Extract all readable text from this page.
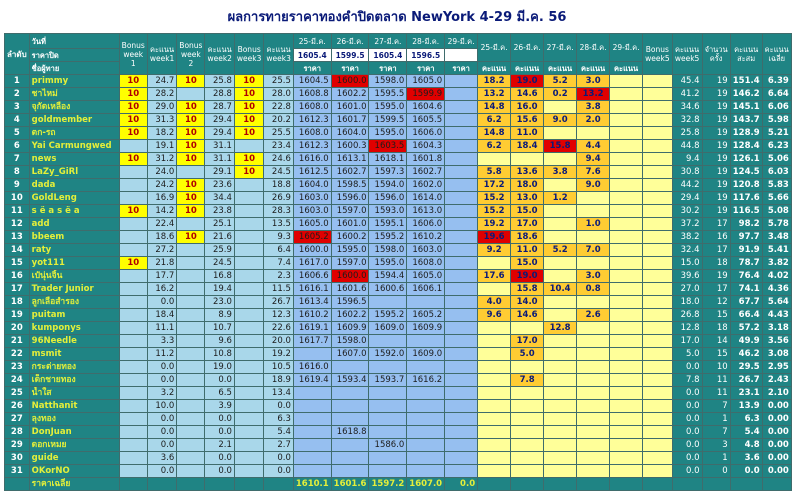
ผลการทายราคาทองคำปิดตลาด NewYork 4-29 มี.ค. 56
ลำดับ	วันที่	Bonus week 1	คะแนน week1	Bonus week 2	คะแนน week2	Bonus week3	คะแนน week3	25-มี.ค.	26-มี.ค.	27-มี.ค.	28-มี.ค.	29-มี.ค.	25-มี.ค.	26-มี.ค.	27-มี.ค.	28-มี.ค.	29-มี.ค.	Bonus week5	คะแนน week5	จำนวนครั้ง	คะแนนสะสม	คะแนนเฉลี่ย
	ราคาปิด							1605.4	1599.5	1605.4	1596.5											
	ชื่อผู้ทาย							ราคา	ราคา	ราคา	ราคา	ราคา	คะแนน	คะแนน	คะแนน	คะแนน	คะแนน					
1	primmy	10	24.7	10	25.8	10	25.5	1604.5	1600.0	1598.0	1605.0		18.2	19.0	5.2	3.0			45.4	19	151.4	6.39
2	ชาไหม่	10	28.2		28.8	10	28.0	1608.8	1602.2	1595.5	1599.9		13.2	14.6	0.2	13.2			41.2	19	146.2	6.64
3	จุกัดเหลือง	10	29.0	10	28.7	10	22.8	1608.0	1601.0	1595.0	1604.6		14.8	16.0		3.8			34.6	19	145.1	6.06
4	goldmember	10	31.3	10	29.4	10	20.2	1612.3	1601.7	1599.5	1605.5		6.2	15.6	9.0	2.0			32.8	19	143.7	5.98
5	ตก-รถ	10	18.2	10	29.4	10	25.5	1608.0	1604.0	1595.0	1606.0		14.8	11.0					25.8	19	128.9	5.21
6	Yai Carmungwed		19.1	10	31.1		23.4	1612.3	1600.3	1603.5	1604.3		6.2	18.4	15.8	4.4			44.8	19	128.4	6.23
7	news	10	31.2	10	31.1	10	24.6	1616.0	1613.1	1618.1	1601.8					9.4			9.4	19	126.1	5.06
8	LaZy_GiRl		24.0		29.1	10	24.5	1612.5	1602.7	1597.3	1602.7		5.8	13.6	3.8	7.6			30.8	19	124.5	6.03
9	dada		24.2	10	23.6		18.8	1604.0	1598.5	1594.0	1602.0		17.2	18.0		9.0			44.2	19	120.8	5.83
10	GoldLeng		16.9	10	34.4		26.9	1603.0	1596.0	1596.0	1614.0		15.2	13.0	1.2				29.4	19	117.6	5.66
11	s ë a s ë a	10	14.2	10	23.8		28.3	1603.0	1597.0	1593.0	1613.0		15.2	15.0					30.2	19	116.5	5.08
12	add		22.4		25.1		13.5	1605.0	1601.0	1595.1	1606.0		19.2	17.0		1.0			37.2	17	98.2	5.78
13	bbeem		18.6	10	21.6		9.3	1605.2	1600.2	1595.2	1610.2		19.6	18.6					38.2	16	97.7	3.48
14	raty		27.2		25.9		6.4	1600.0	1595.0	1598.0	1603.0		9.2	11.0	5.2	7.0			32.4	17	91.9	5.41
15	yot111	10	21.8		24.5		7.4	1617.0	1597.0	1595.0	1608.0			15.0					15.0	18	78.7	3.82
16	เป๋นุ่นจิ้น		17.7		16.8		2.3	1606.6	1600.0	1594.4	1605.0		17.6	19.0		3.0			39.6	19	76.4	4.02
17	Trader Junior		16.2		19.4		11.5	1616.1	1601.6	1600.6	1606.1			15.8	10.4	0.8			27.0	17	74.1	4.36
18	ลูกเลือสำรอง		0.0		23.0		26.7	1613.4	1596.5				4.0	14.0					18.0	12	67.7	5.64
19	puitam		18.4		8.9		12.3	1610.2	1602.2	1595.2	1605.2		9.6	14.6		2.6			26.8	15	66.4	4.43
20	kumponys		11.1		10.7		22.6	1619.1	1609.9	1609.0	1609.9				12.8				12.8	18	57.2	3.18
21	96Needle		3.3		9.6		20.0	1617.7	1598.0					17.0					17.0	14	49.9	3.56
22	msmit		11.2		10.8		19.2		1607.0	1592.0	1609.0			5.0					5.0	15	46.2	3.08
23	กระต่ายทอง		0.0		19.0		10.5	1616.0											0.0	10	29.5	2.95
24	เด็กชายทอง		0.0		0.0		18.9	1619.4	1593.4	1593.7	1616.2			7.8					7.8	11	26.7	2.43
25	น้ำใส		3.2		6.5		13.4												0.0	11	23.1	2.10
26	Natthanit		10.0		3.9		0.0												0.0	7	13.9	0.00
27	ลุงทอง		0.0		0.0		6.3												0.0	1	6.3	0.00
28	DonJuan		0.0		0.0		5.4		1618.8										0.0	7	5.4	0.00
29	ดอกเหมย		0.0		2.1		2.7			1586.0									0.0	3	4.8	0.00
30	guide		3.6		0.0		0.0												0.0	1	3.6	0.00
31	OKorNO		0.0		0.0		0.0												0.0	0	0.0	0.00
	ราคาเฉลี่ย							1610.1	1601.6	1597.2	1607.0	0.0										
